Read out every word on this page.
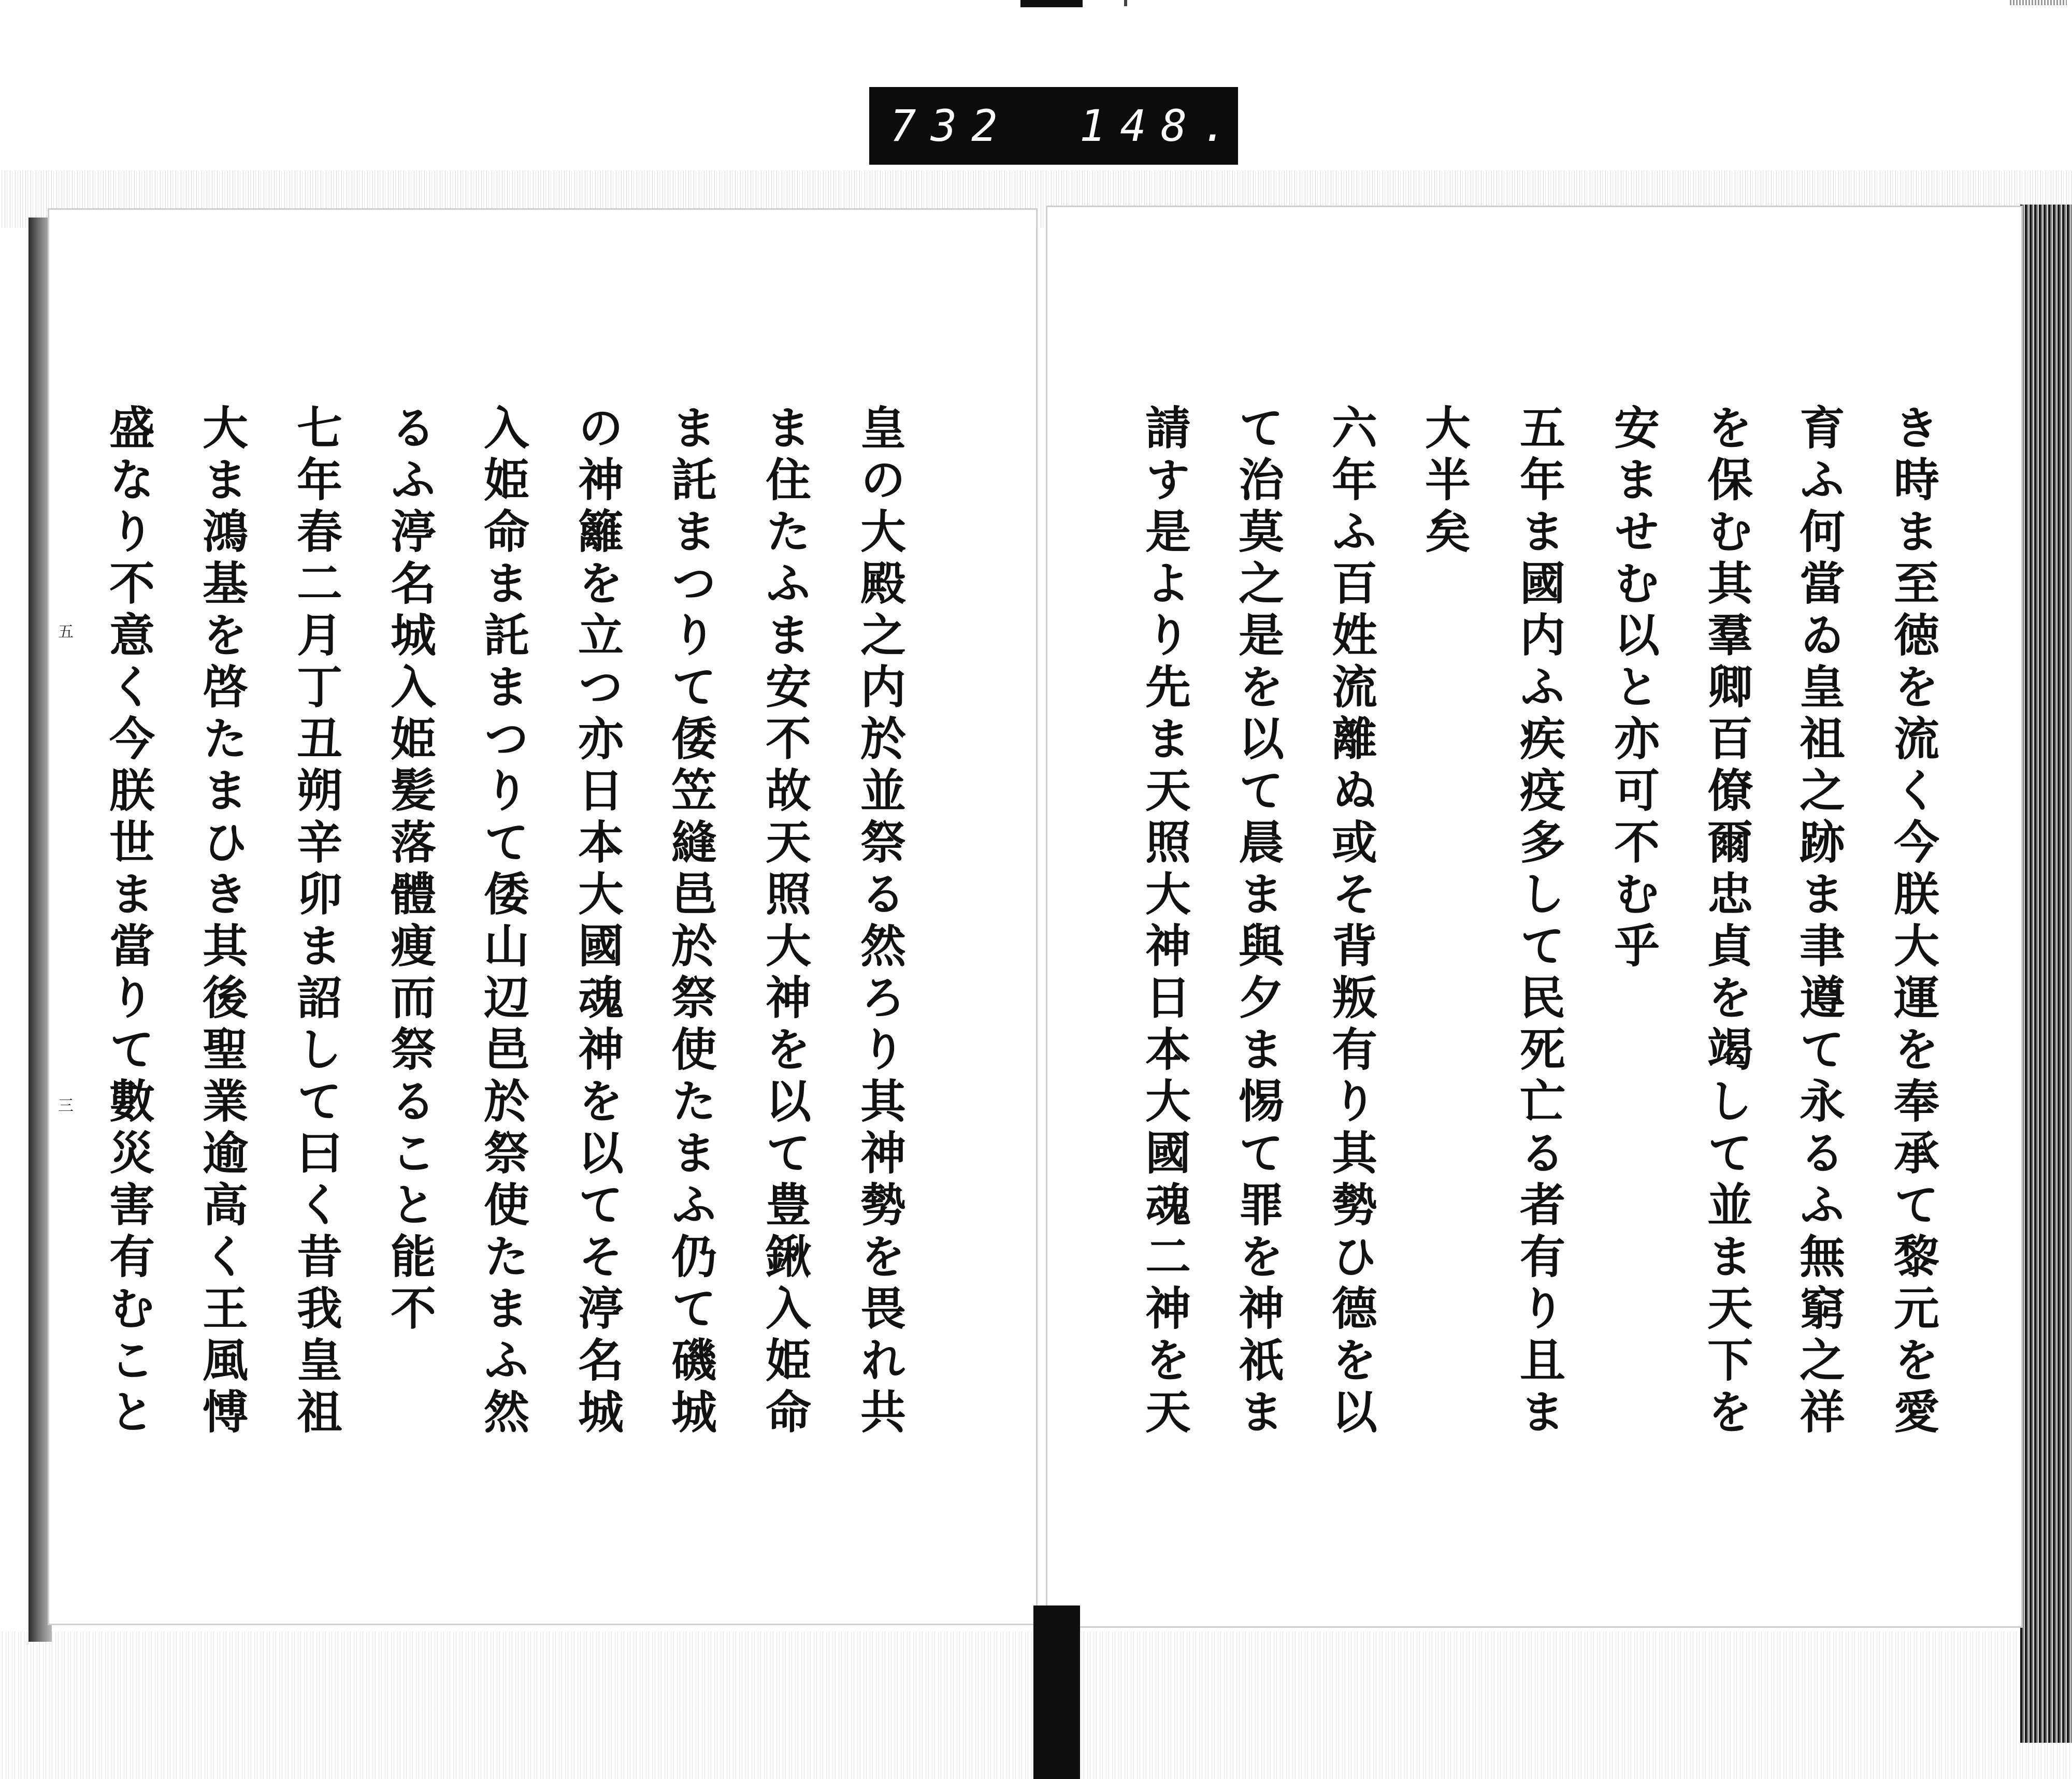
732 148.
五
三	皇の大殿之内於並祭る然ろり其神勢を畏れ共
ま住たふま安不故天照大神を以て豊鍬入姫命
ま託まつりて倭笠縫邑於祭使たまふ仍て磯城
の神籬を立つ亦日本大國魂神を以てそ渟名城
入姫命ま託まつりて倭山辺邑於祭使たまふ然
るふ渟名城入姫髪落體痩而祭ること能不
七年春二月丁丑朔辛卯ま詔して曰く昔我皇祖
大ま鴻基を啓たまひき其後聖業逾高く王風愽
盛なり不意く今朕世ま當りて數災害有むこと	き時ま至徳を流く今朕大運を奉承て黎元を愛
育ふ何當ゐ皇祖之跡ま聿遵て永るふ無窮之祥
を保む其羣卿百僚爾忠貞を竭して並ま天下を
安ませむ以と亦可不む乎
五年ま國内ふ疾疫多して民死亡る者有り且ま
大半矣
六年ふ百姓流離ぬ或そ背叛有り其勢ひ德を以
て治莫之是を以て晨ま與夕ま惕て罪を神祇ま
請す是より先ま天照大神日本大國魂二神を天
